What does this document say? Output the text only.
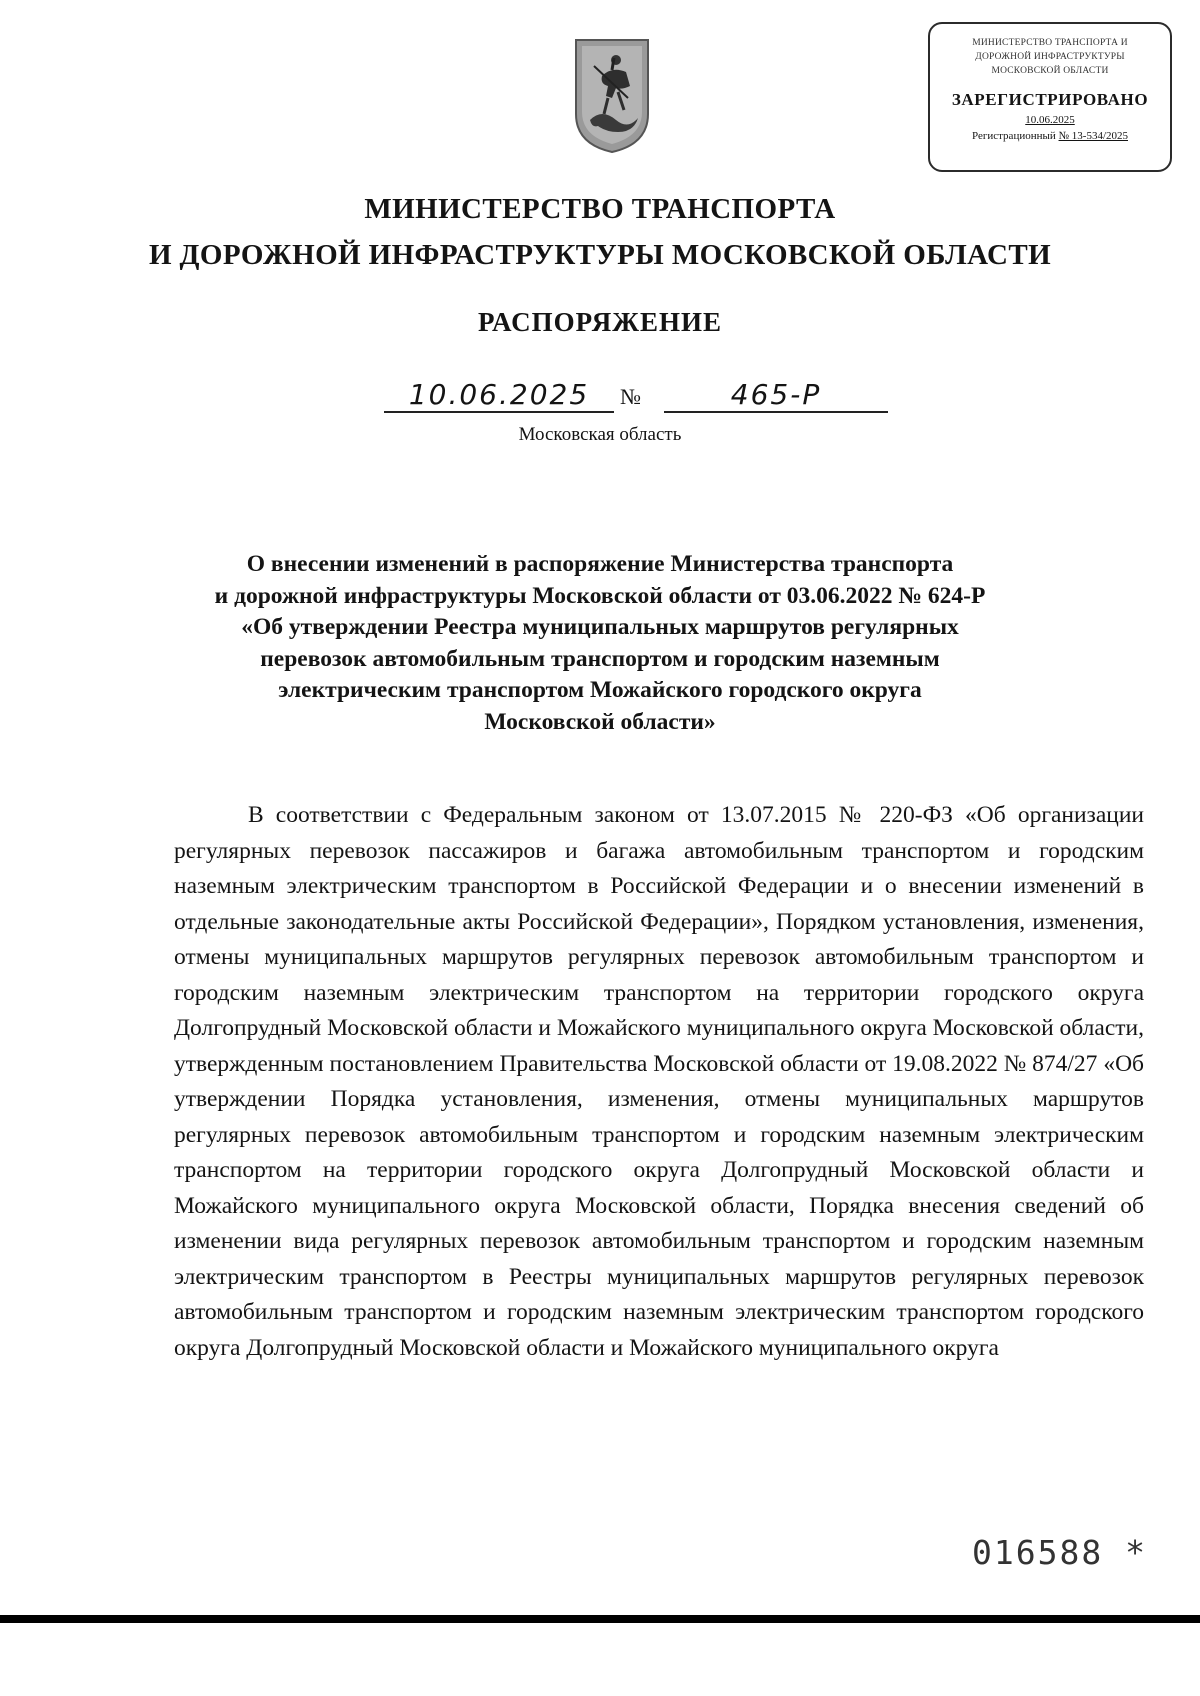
МИНИСТЕРСТВО ТРАНСПОРТА И
ДОРОЖНОЙ ИНФРАСТРУКТУРЫ
МОСКОВСКОЙ ОБЛАСТИ
ЗАРЕГИСТРИРОВАНО
10.06.2025
Регистрационный № 13-534/2025
МИНИСТЕРСТВО ТРАНСПОРТА
И ДОРОЖНОЙ ИНФРАСТРУКТУРЫ МОСКОВСКОЙ ОБЛАСТИ
РАСПОРЯЖЕНИЕ
10.06.2025	№	465-Р
Московская область
О внесении изменений в распоряжение Министерства транспорта
и дорожной инфраструктуры Московской области от 03.06.2022 № 624-Р
«Об утверждении Реестра муниципальных маршрутов регулярных
перевозок автомобильным транспортом и городским наземным
электрическим транспортом Можайского городского округа
Московской области»
В соответствии с Федеральным законом от 13.07.2015 № 220-ФЗ «Об организации регулярных перевозок пассажиров и багажа автомобильным транспортом и городским наземным электрическим транспортом в Российской Федерации и о внесении изменений в отдельные законодательные акты Российской Федерации», Порядком установления, изменения, отмены муниципальных маршрутов регулярных перевозок автомобильным транспортом и городским наземным электрическим транспортом на территории городского округа Долгопрудный Московской области и Можайского муниципального округа Московской области, утвержденным постановлением Правительства Московской области от 19.08.2022 № 874/27 «Об утверждении Порядка установления, изменения, отмены муниципальных маршрутов регулярных перевозок автомобильным транспортом и городским наземным электрическим транспортом на территории городского округа Долгопрудный Московской области и Можайского муниципального округа Московской области, Порядка внесения сведений об изменении вида регулярных перевозок автомобильным транспортом и городским наземным электрическим транспортом в Реестры муниципальных маршрутов регулярных перевозок автомобильным транспортом и городским наземным электрическим транспортом городского округа Долгопрудный Московской области и Можайского муниципального округа
016588 *
